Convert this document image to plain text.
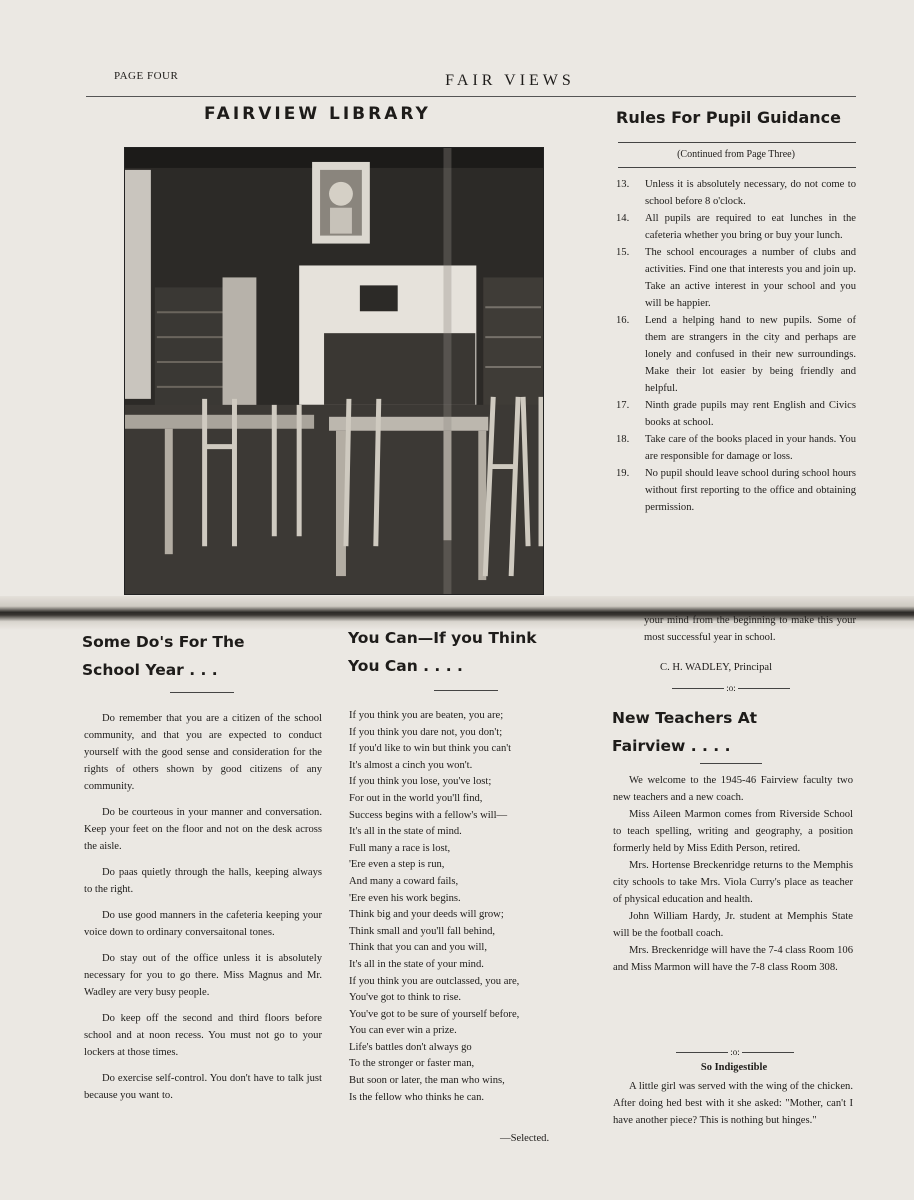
PAGE FOUR	FAIR VIEWS
FAIRVIEW LIBRARY	Rules For Pupil Guidance
(Continued from Page Three)
13.	Unless it is absolutely necessary, do not come to school before 8 o'clock.
14.	All pupils are required to eat lunches in the cafeteria whether you bring or buy your lunch.
15.	The school encourages a number of clubs and activities. Find one that interests you and join up. Take an active interest in your school and you will be happier.
16.	Lend a helping hand to new pupils. Some of them are strangers in the city and perhaps are lonely and confused in their new surroundings. Make their lot easier by being friendly and helpful.
17.	Ninth grade pupils may rent English and Civics books at school.
18.	Take care of the books placed in your hands. You are responsible for damage or loss.
19.	No pupil should leave school during school hours without first reporting to the office and obtaining permission.
your mind from the beginning to make this your most successful year in school.
C. H. WADLEY, Principal
:o:
Some Do's For The
School Year . . .

Do remember that you are a citizen of the school community, and that you are expected to conduct yourself with the good sense and consideration for the rights of others shown by good citizens of any community.

Do be courteous in your manner and conversation. Keep your feet on the floor and not on the desk across the aisle.

Do paas quietly through the halls, keeping always to the right.

Do use good manners in the cafeteria keeping your voice down to ordinary conversaitonal tones.

Do stay out of the office unless it is absolutely necessary for you to go there. Miss Magnus and Mr. Wadley are very busy people.

Do keep off the second and third floors before school and at noon recess. You must not go to your lockers at those times.

Do exercise self-control. You don't have to talk just because you want to.

You Can—If you Think
You Can . . . .
If you think you are beaten, you are;
If you think you dare not, you don't;
If you'd like to win but think you can't
It's almost a cinch you won't.
If you think you lose, you've lost;
For out in the world you'll find,
Success begins with a fellow's will—
It's all in the state of mind.
Full many a race is lost,
'Ere even a step is run,
And many a coward fails,
'Ere even his work begins.
Think big and your deeds will grow;
Think small and you'll fall behind,
Think that you can and you will,
It's all in the state of your mind.
If you think you are outclassed, you are,
You've got to think to rise.
You've got to be sure of yourself before,
You can ever win a prize.
Life's battles don't always go
To the stronger or faster man,
But soon or later, the man who wins,
Is the fellow who thinks he can.
—Selected.
New Teachers At
Fairview . . . .

We welcome to the 1945-46 Fairview faculty two new teachers and a new coach.

Miss Aileen Marmon comes from Riverside School to teach spelling, writing and geography, a position formerly held by Miss Edith Person, retired.

Mrs. Hortense Breckenridge returns to the Memphis city schools to take Mrs. Viola Curry's place as teacher of physical education and health.

John William Hardy, Jr. student at Memphis State will be the football coach.

Mrs. Breckenridge will have the 7-4 class Room 106 and Miss Marmon will have the 7-8 class Room 308.

:o:
So Indigestible

A little girl was served with the wing of the chicken. After doing hed best with it she asked: "Mother, can't I have another piece? This is nothing but hinges."
